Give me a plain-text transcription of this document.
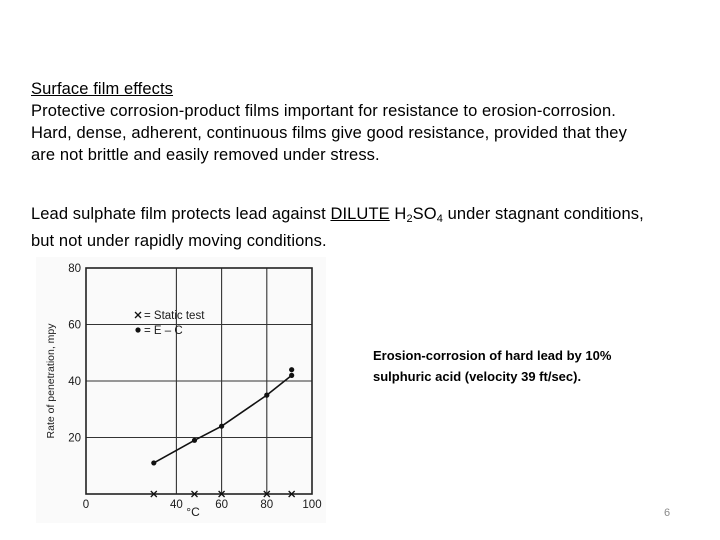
Surface film effects
Protective corrosion-product films important for resistance to erosion-corrosion.
Hard, dense, adherent, continuous films give good resistance, provided that they
are not brittle and easily removed under stress.
Lead sulphate film protects lead against DILUTE $H_2SO_4$ under stagnant conditions,
but not under rapidly moving conditions.
0	40	60	80	100
20
40
60
80
= Static test
= E – C
Rate of penetration, mpy
°C
Erosion-corrosion of hard lead by 10% sulphuric acid (velocity 39 ft/sec).
6
